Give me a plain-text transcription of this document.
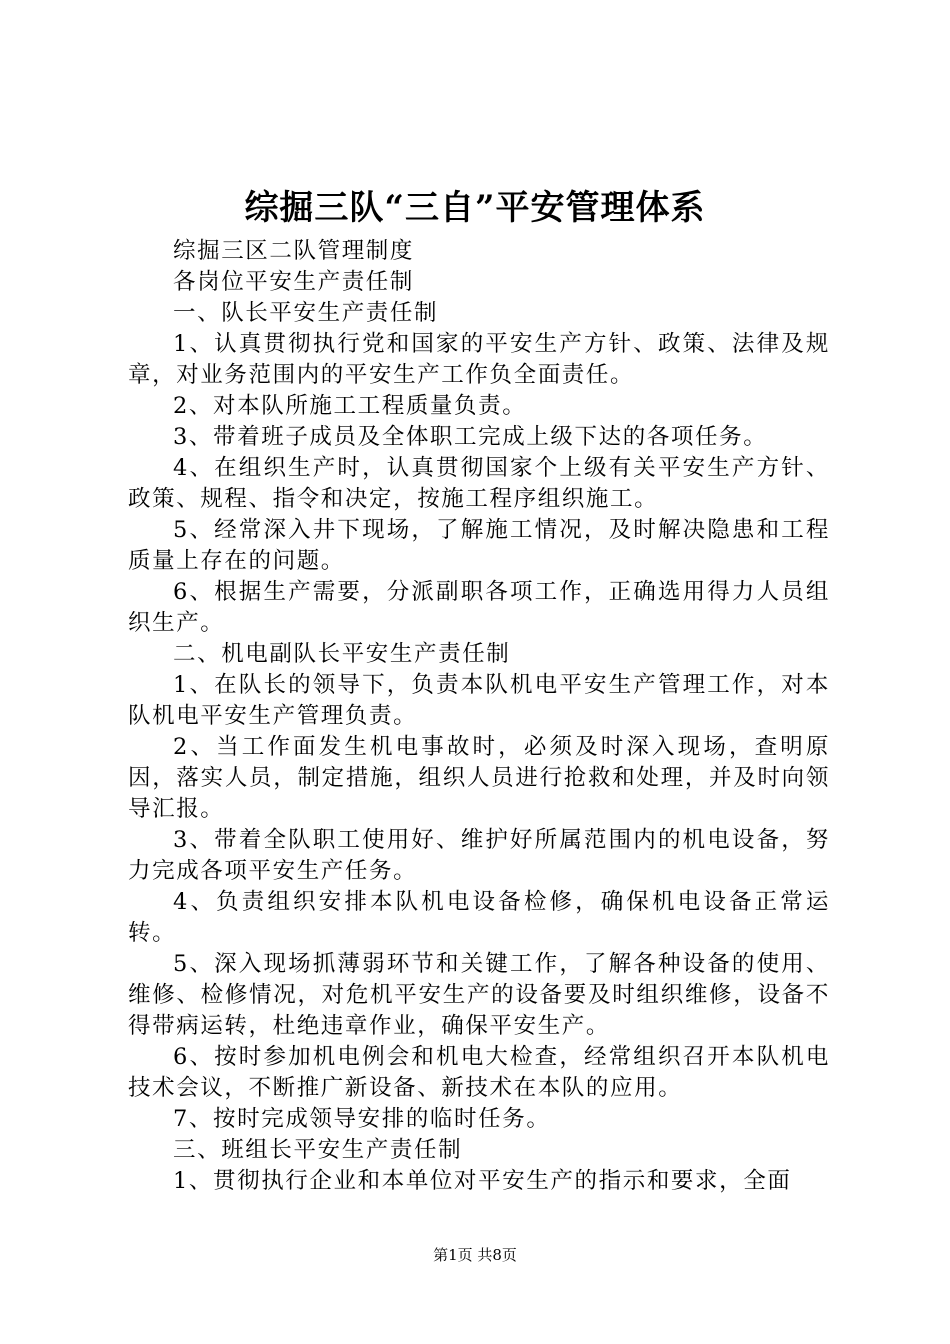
综掘三队“三自”平安管理体系

综掘三区二队管理制度

各岗位平安生产责任制

一、队长平安生产责任制

1、认真贯彻执行党和国家的平安生产方针、政策、法律及规章，对业务范围内的平安生产工作负全面责任。

2、对本队所施工工程质量负责。

3、带着班子成员及全体职工完成上级下达的各项任务。

4、在组织生产时，认真贯彻国家个上级有关平安生产方针、政策、规程、指令和决定，按施工程序组织施工。

5、经常深入井下现场，了解施工情况，及时解决隐患和工程质量上存在的问题。

6、根据生产需要，分派副职各项工作，正确选用得力人员组织生产。

二、机电副队长平安生产责任制

1、在队长的领导下，负责本队机电平安生产管理工作，对本队机电平安生产管理负责。

2、当工作面发生机电事故时，必须及时深入现场，查明原因，落实人员，制定措施，组织人员进行抢救和处理，并及时向领导汇报。

3、带着全队职工使用好、维护好所属范围内的机电设备，努力完成各项平安生产任务。

4、负责组织安排本队机电设备检修，确保机电设备正常运转。

5、深入现场抓薄弱环节和关键工作，了解各种设备的使用、维修、检修情况，对危机平安生产的设备要及时组织维修，设备不得带病运转，杜绝违章作业，确保平安生产。

6、按时参加机电例会和机电大检查，经常组织召开本队机电技术会议，不断推广新设备、新技术在本队的应用。

7、按时完成领导安排的临时任务。

三、班组长平安生产责任制

1、贯彻执行企业和本单位对平安生产的指示和要求，全面

第1页 共8页
